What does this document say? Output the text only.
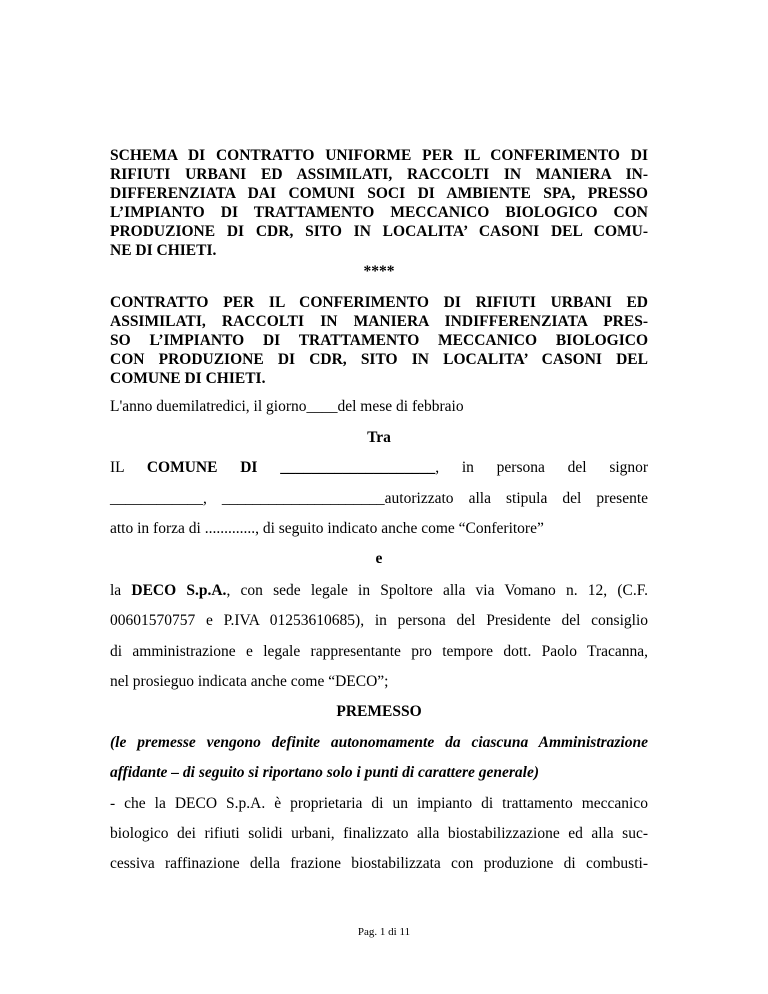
SCHEMA DI CONTRATTO UNIFORME PER IL CONFERIMENTO DI
RIFIUTI URBANI ED ASSIMILATI, RACCOLTI IN MANIERA IN-
DIFFERENZIATA DAI COMUNI SOCI DI AMBIENTE SPA, PRESSO
L’IMPIANTO DI TRATTAMENTO MECCANICO BIOLOGICO CON
PRODUZIONE DI CDR, SITO IN LOCALITA’ CASONI DEL COMU-
NE DI CHIETI.
****
CONTRATTO PER IL CONFERIMENTO DI RIFIUTI URBANI ED
ASSIMILATI, RACCOLTI IN MANIERA INDIFFERENZIATA PRES-
SO L’IMPIANTO DI TRATTAMENTO MECCANICO BIOLOGICO
CON PRODUZIONE DI CDR, SITO IN LOCALITA’ CASONI DEL
COMUNE DI CHIETI.
L'anno duemilatredici, il giorno____del mese di febbraio
Tra
IL COMUNE DI ____________________, in persona del signor
____________, _____________________autorizzato alla stipula del presente
atto in forza di ............., di seguito indicato anche come “Conferitore”
e
la DECO S.p.A., con sede legale in Spoltore alla via Vomano n. 12, (C.F.
00601570757 e P.IVA 01253610685), in persona del Presidente del consiglio
di amministrazione e legale rappresentante pro tempore dott. Paolo Tracanna,
nel prosieguo indicata anche come “DECO”;
PREMESSO
(le premesse vengono definite autonomamente da ciascuna Amministrazione
affidante – di seguito si riportano solo i punti di carattere generale)
- che la DECO S.p.A. è proprietaria di un impianto di trattamento meccanico
biologico dei rifiuti solidi urbani, finalizzato alla biostabilizzazione ed alla suc-
cessiva raffinazione della frazione biostabilizzata con produzione di combusti-
Pag. 1 di 11
